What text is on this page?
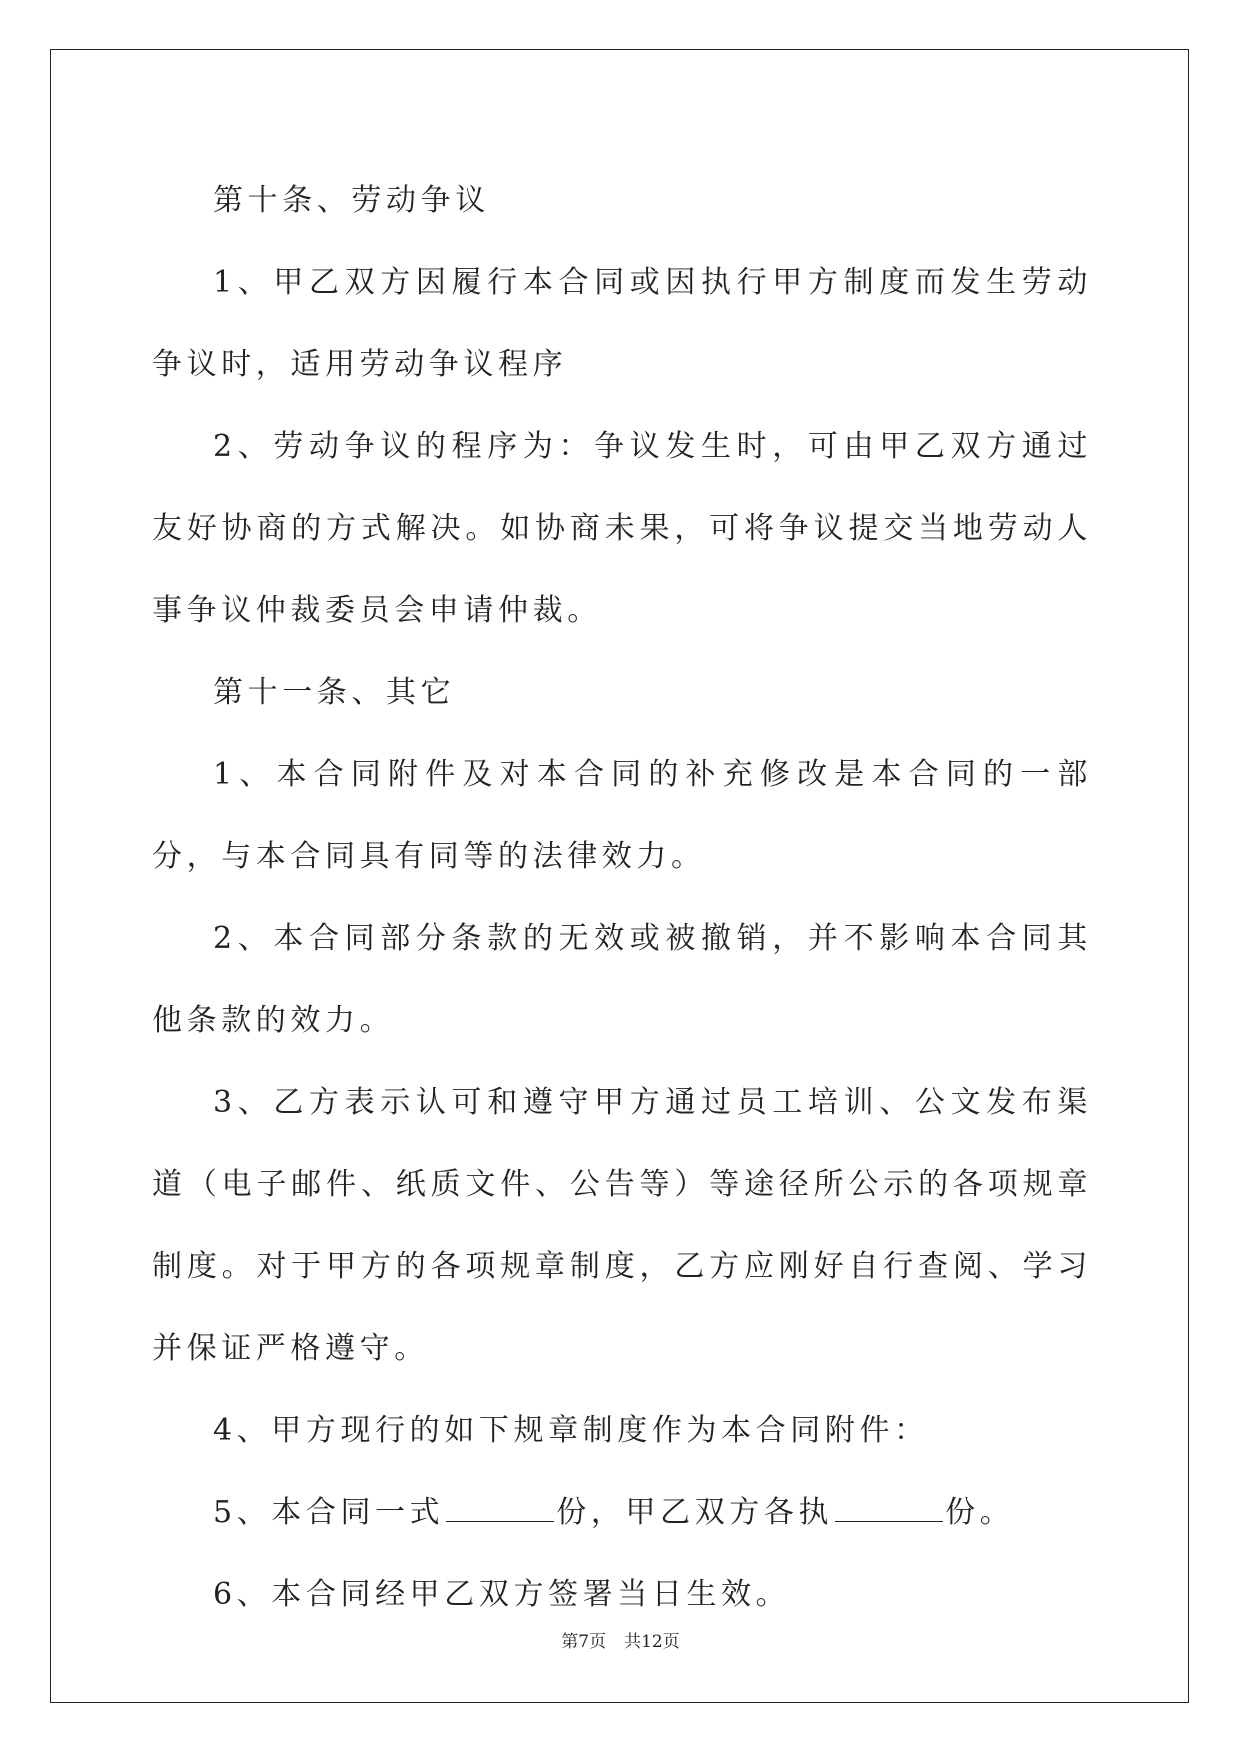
第十条、劳动争议

1、甲乙双方因履行本合同或因执行甲方制度而发生劳动争议时，适用劳动争议程序

2、劳动争议的程序为：争议发生时，可由甲乙双方通过友好协商的方式解决。如协商未果，可将争议提交当地劳动人事争议仲裁委员会申请仲裁。

第十一条、其它

1、本合同附件及对本合同的补充修改是本合同的一部分，与本合同具有同等的法律效力。

2、本合同部分条款的无效或被撤销，并不影响本合同其他条款的效力。

3、乙方表示认可和遵守甲方通过员工培训、公文发布渠道（电子邮件、纸质文件、公告等）等途径所公示的各项规章制度。对于甲方的各项规章制度，乙方应刚好自行查阅、学习并保证严格遵守。

4、甲方现行的如下规章制度作为本合同附件：

5、本合同一式	份，甲乙双方各执	份。

6、本合同经甲乙双方签署当日生效。

第7页 共12页
